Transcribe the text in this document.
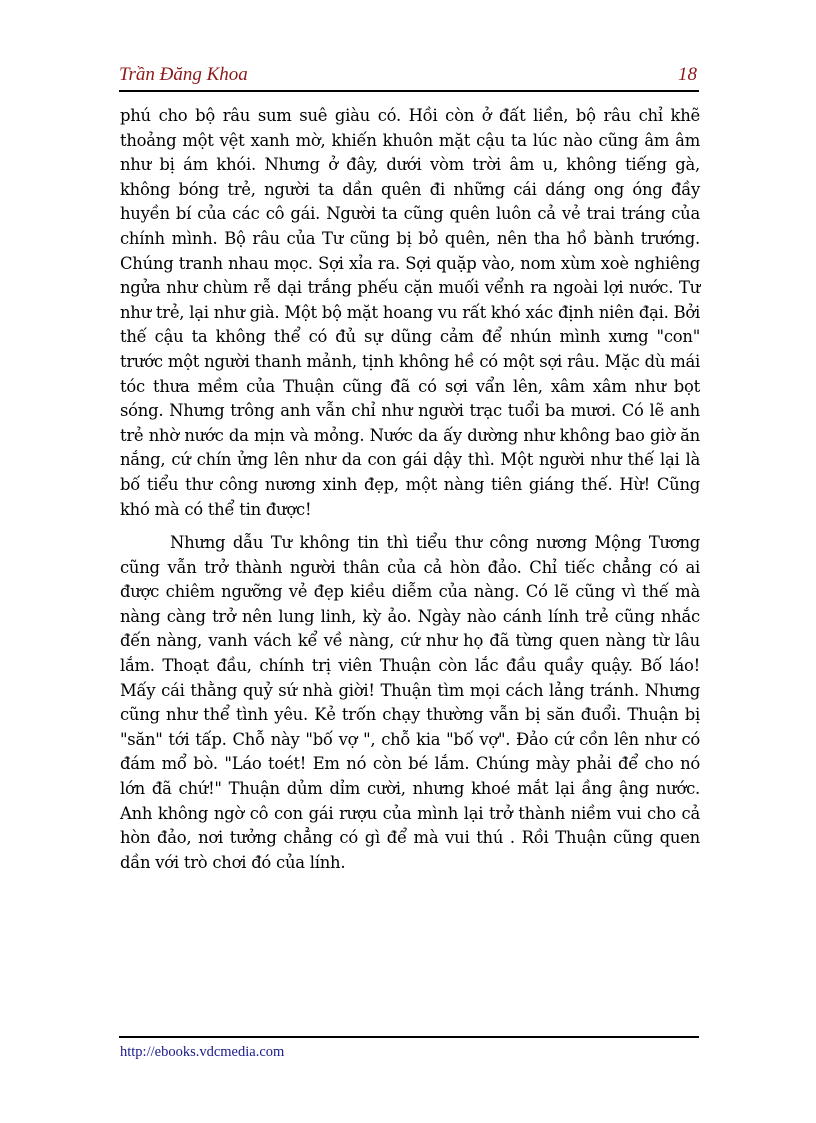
Trần Đăng Khoa	18

phú cho bộ râu sum suê giàu có. Hồi còn ở đất liền, bộ râu chỉ khẽ thoảng một vệt xanh mờ, khiến khuôn mặt cậu ta lúc nào cũng âm âm như bị ám khói. Nhưng ở đây, dưới vòm trời âm u, không tiếng gà, không bóng trẻ, người ta dần quên đi những cái dáng ong óng đầy huyền bí của các cô gái. Người ta cũng quên luôn cả vẻ trai tráng của chính mình. Bộ râu của Tư cũng bị bỏ quên, nên tha hồ bành trướng. Chúng tranh nhau mọc. Sợi xỉa ra. Sợi quặp vào, nom xùm xoè nghiêng ngửa như chùm rễ dại trắng phếu cặn muối vểnh ra ngoài lợi nước. Tư như trẻ, lại như già. Một bộ mặt hoang vu rất khó xác định niên đại. Bởi thế cậu ta không thể có đủ sự dũng cảm để nhún mình xưng "con" trước một người thanh mảnh, tịnh không hề có một sợi râu. Mặc dù mái tóc thưa mềm của Thuận cũng đã có sợi vẩn lên, xâm xâm như bọt sóng. Nhưng trông anh vẫn chỉ như người trạc tuổi ba mươi. Có lẽ anh trẻ nhờ nước da mịn và mỏng. Nước da ấy dường như không bao giờ ăn nắng, cứ chín ửng lên như da con gái dậy thì. Một người như thế lại là bố tiểu thư công nương xinh đẹp, một nàng tiên giáng thế. Hừ! Cũng khó mà có thể tin được!

Nhưng dẫu Tư không tin thì tiểu thư công nương Mộng Tương cũng vẫn trở thành người thân của cả hòn đảo. Chỉ tiếc chẳng có ai được chiêm ngưỡng vẻ đẹp kiều diễm của nàng. Có lẽ cũng vì thế mà nàng càng trở nên lung linh, kỳ ảo. Ngày nào cánh lính trẻ cũng nhắc đến nàng, vanh vách kể về nàng, cứ như họ đã từng quen nàng từ lâu lắm. Thoạt đầu, chính trị viên Thuận còn lắc đầu quầy quậy. Bố láo! Mấy cái thằng quỷ sứ nhà giời! Thuận tìm mọi cách lảng tránh. Nhưng cũng như thể tình yêu. Kẻ trốn chạy thường vẫn bị săn đuổi. Thuận bị "săn" tới tấp. Chỗ này "bố vợ ", chỗ kia "bố vợ". Đảo cứ cồn lên như có đám mổ bò. "Láo toét! Em nó còn bé lắm. Chúng mày phải để cho nó lớn đã chứ!" Thuận dủm dỉm cười, nhưng khoé mắt lại ầng ậng nước. Anh không ngờ cô con gái rượu của mình lại trở thành niềm vui cho cả hòn đảo, nơi tưởng chẳng có gì để mà vui thú . Rồi Thuận cũng quen dần với trò chơi đó của lính.

http://ebooks.vdcmedia.com
